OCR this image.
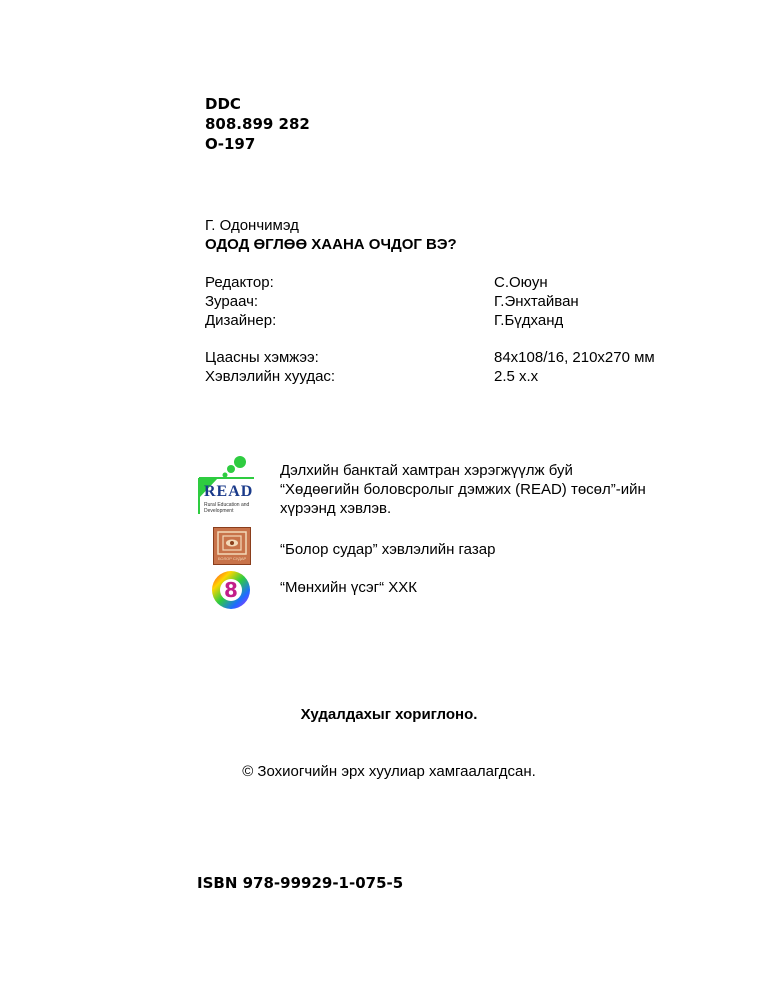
DDC
808.899 282
О-197
Г. Одончимэд
ОДОД ӨГЛӨӨ ХААНА ОЧДОГ ВЭ?
Редактор:	С.Оюун
Зураач:	Г.Энхтайван
Дизайнер:	Г.Бүдханд
Цаасны хэмжээ:	84x108/16, 210x270 мм
Хэвлэлийн хуудас:	2.5 х.х
READ
Rural Education and Development
Дэлхийн банктай хамтран хэрэгжүүлж буй
“Хөдөөгийн боловсролыг дэмжих (READ) төсөл”-ийн
хүрээнд хэвлэв.
БОЛОР СУДАР
“Болор судар” хэвлэлийн газар
8	“Мөнхийн үсэг“ ХХК
Худалдахыг хориглоно.
© Зохиогчийн эрх хуулиар хамгаалагдсан.
ISBN 978-99929-1-075-5
